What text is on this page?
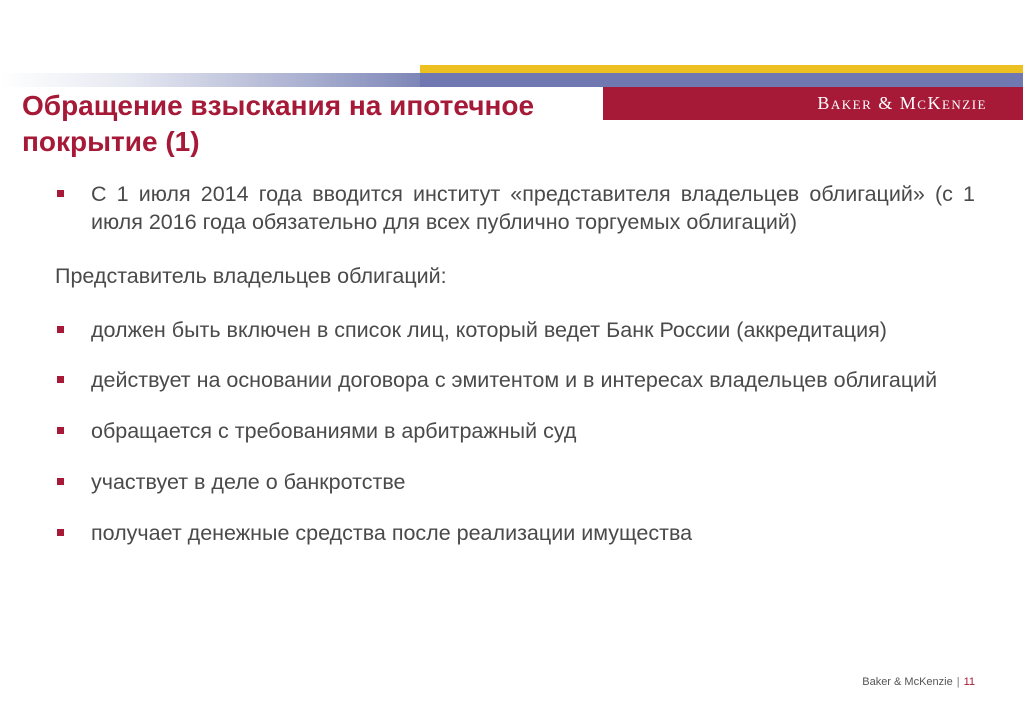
Baker & McKenzie
Обращение взыскания на ипотечное
покрытие (1)
С 1 июля 2014 года вводится институт «представителя владельцев облигаций» (с 1 июля 2016 года обязательно для всех публично торгуемых облигаций)
Представитель владельцев облигаций:
должен быть включен в список лиц, который ведет Банк России (аккредитация)
действует на основании договора с эмитентом и в интересах владельцев облигаций
обращается с требованиями в арбитражный суд
участвует в деле о банкротстве
получает денежные средства после реализации имущества
Baker & McKenzie | 11
